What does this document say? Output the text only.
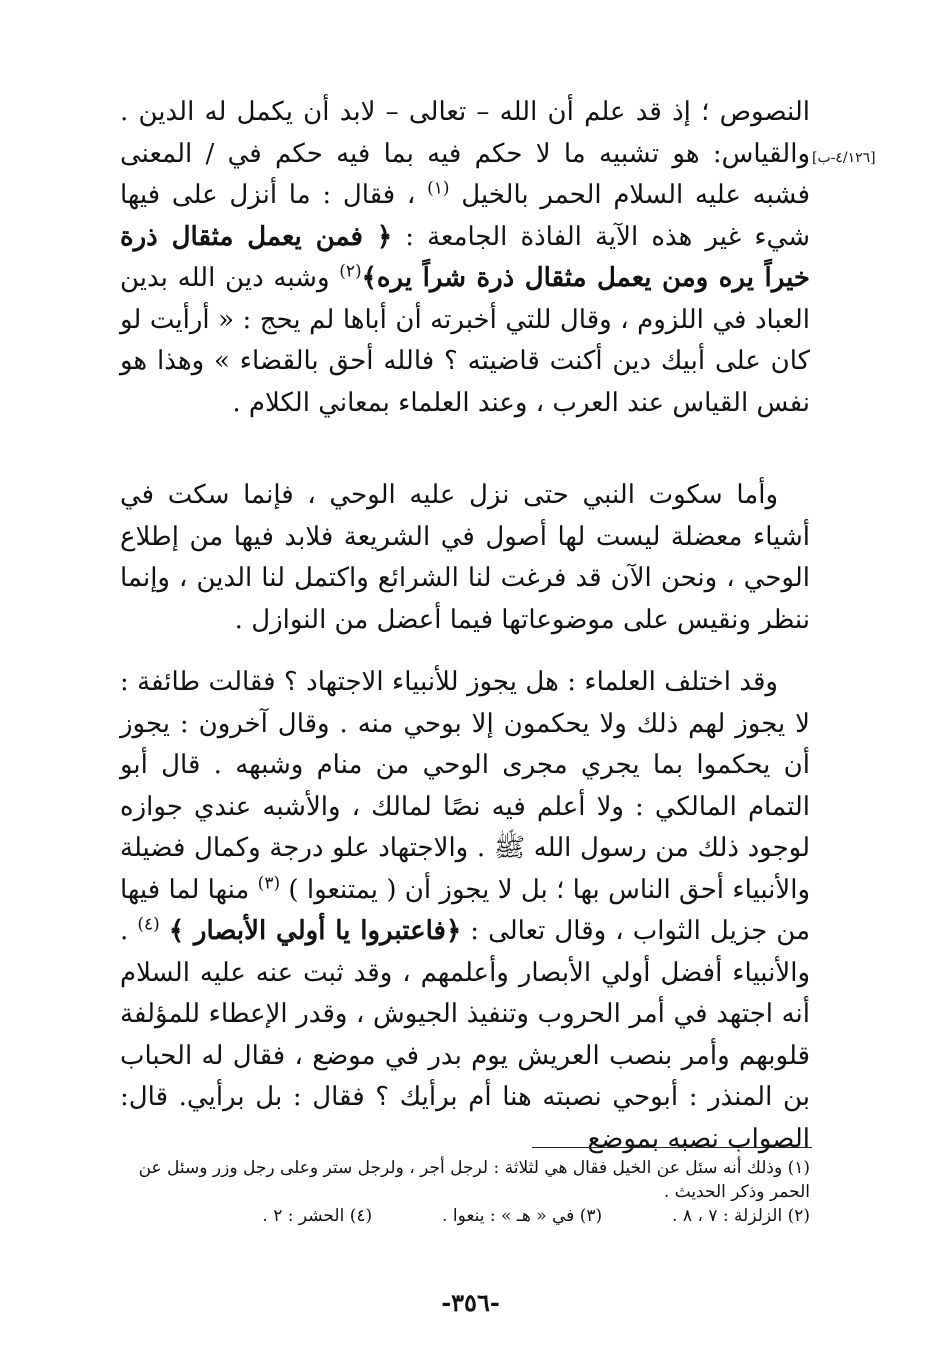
[٤/١٢٦-ب]

النصوص ؛ إذ قد علم أن الله – تعالى – لابد أن يكمل له الدين . والقياس: هو تشبيه ما لا حكم فيه بما فيه حكم في / المعنى فشبه عليه السلام الحمر بالخيل $^{(١)}$ ، فقال : ما أنزل على فيها شيء غير هذه الآية الفاذة الجامعة : ﴿ فمن يعمل مثقال ذرة خيراً يره ومن يعمل مثقال ذرة شراً يره﴾$^{(٢)}$ وشبه دين الله بدين العباد في اللزوم ، وقال للتي أخبرته أن أباها لم يحج : « أرأيت لو كان على أبيك دين أكنت قاضيته ؟ فالله أحق بالقضاء » وهذا هو نفس القياس عند العرب ، وعند العلماء بمعاني الكلام .

وأما سكوت النبي حتى نزل عليه الوحي ، فإنما سكت في أشياء معضلة ليست لها أصول في الشريعة فلابد فيها من إطلاع الوحي ، ونحن الآن قد فرغت لنا الشرائع واكتمل لنا الدين ، وإنما ننظر ونقيس على موضوعاتها فيما أعضل من النوازل .

وقد اختلف العلماء : هل يجوز للأنبياء الاجتهاد ؟ فقالت طائفة : لا يجوز لهم ذلك ولا يحكمون إلا بوحي منه . وقال آخرون : يجوز أن يحكموا بما يجري مجرى الوحي من منام وشبهه . قال أبو التمام المالكي : ولا أعلم فيه نصًا لمالك ، والأشبه عندي جوازه لوجود ذلك من رسول الله ﷺ . والاجتهاد علو درجة وكمال فضيلة والأنبياء أحق الناس بها ؛ بل لا يجوز أن ( يمتنعوا ) $^{(٣)}$ منها لما فيها من جزيل الثواب ، وقال تعالى : ﴿فاعتبروا يا أولي الأبصار ﴾ $^{(٤)}$ . والأنبياء أفضل أولي الأبصار وأعلمهم ، وقد ثبت عنه عليه السلام أنه اجتهد في أمر الحروب وتنفيذ الجيوش ، وقدر الإعطاء للمؤلفة قلوبهم وأمر بنصب العريش يوم بدر في موضع ، فقال له الحباب بن المنذر : أبوحي نصبته هنا أم برأيك ؟ فقال : بل برأيي. قال: الصواب نصبه بموضع

(١) وذلك أنه سئل عن الخيل فقال هي لثلاثة : لرجل أجر ، ولرجل ستر وعلى رجل وزر وسئل عن الحمر وذكر الحديث .

(٢) الزلزلة : ٧ ، ٨ .
(٣) في « هـ » : ينعوا .
(٤) الحشر : ٢ .
-٣٥٦-
